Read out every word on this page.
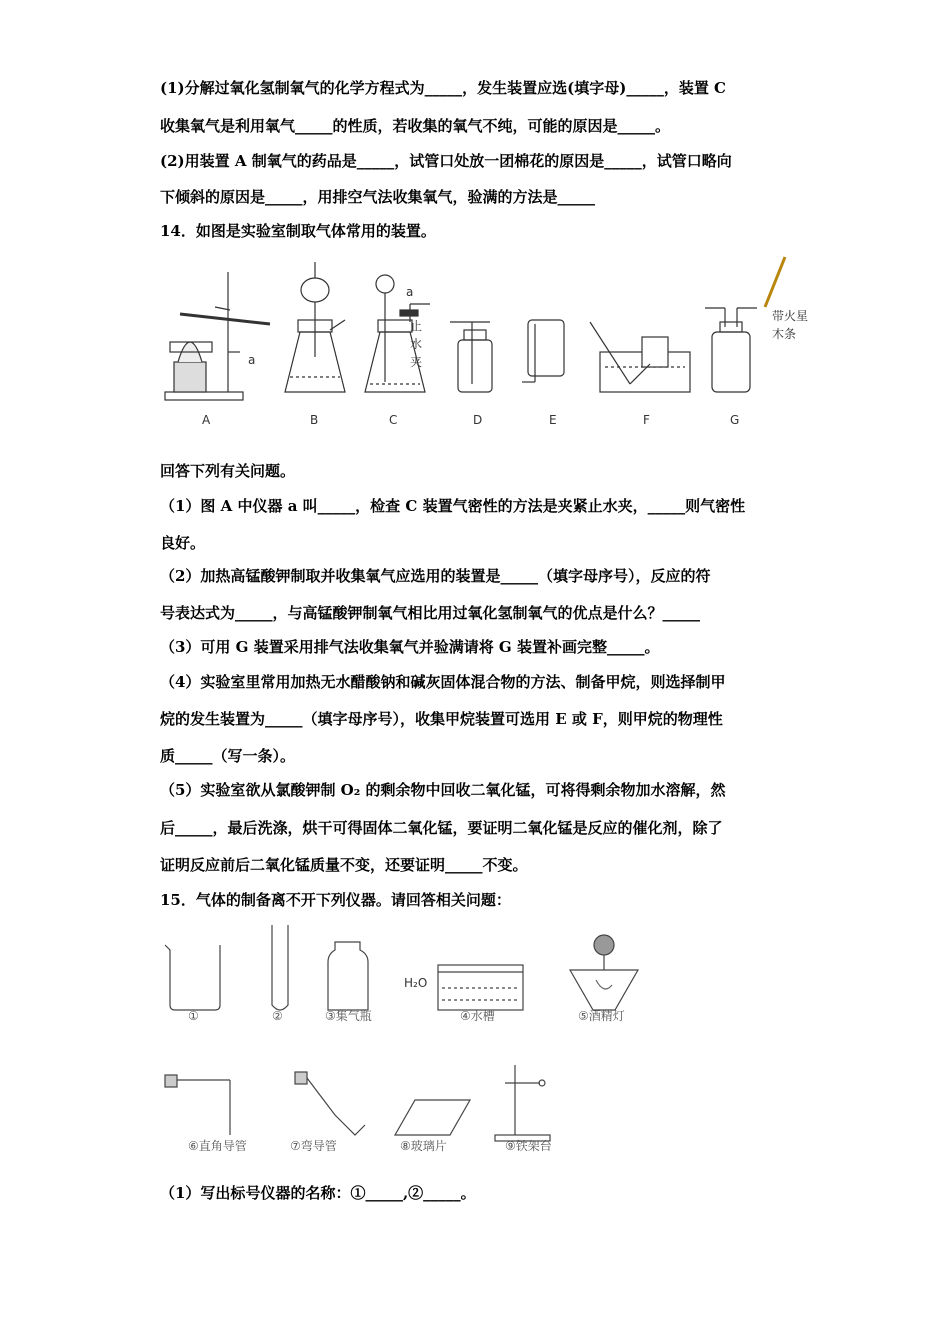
(1)分解过氧化氢制氧气的化学方程式为_____，发生装置应选(填字母)_____，装置 C
收集氧气是利用氧气_____的性质，若收集的氧气不纯，可能的原因是_____。
(2)用装置 A 制氧气的药品是_____，试管口处放一团棉花的原因是_____，试管口略向
下倾斜的原因是_____，用排空气法收集氧气，验满的方法是_____
14．如图是实验室制取气体常用的装置。
a
a
止
水
夹
带火星
木条
A	B	C	D	E	F	G
回答下列有关问题。
（1）图 A 中仪器 a 叫_____，检查 C 装置气密性的方法是夹紧止水夹，_____则气密性
良好。
（2）加热高锰酸钾制取并收集氧气应选用的装置是_____（填字母序号），反应的符
号表达式为_____，与高锰酸钾制氧气相比用过氧化氢制氧气的优点是什么？_____
（3）可用 G 装置采用排气法收集氧气并验满请将 G 装置补画完整_____。
（4）实验室里常用加热无水醋酸钠和碱灰固体混合物的方法、制备甲烷，则选择制甲
烷的发生装置为_____（填字母序号），收集甲烷装置可选用 E 或 F，则甲烷的物理性
质_____（写一条）。
（5）实验室欲从氯酸钾制 O₂ 的剩余物中回收二氧化锰，可将得剩余物加水溶解，然
后_____，最后洗涤，烘干可得固体二氧化锰，要证明二氧化锰是反应的催化剂，除了
证明反应前后二氧化锰质量不变，还要证明_____不变。
15．气体的制备离不开下列仪器。请回答相关问题：
H₂O
①	②	③集气瓶	④水槽	⑤酒精灯
⑥直角导管	⑦弯导管	⑧玻璃片	⑨铁架台
（1）写出标号仪器的名称：①_____,②_____。
